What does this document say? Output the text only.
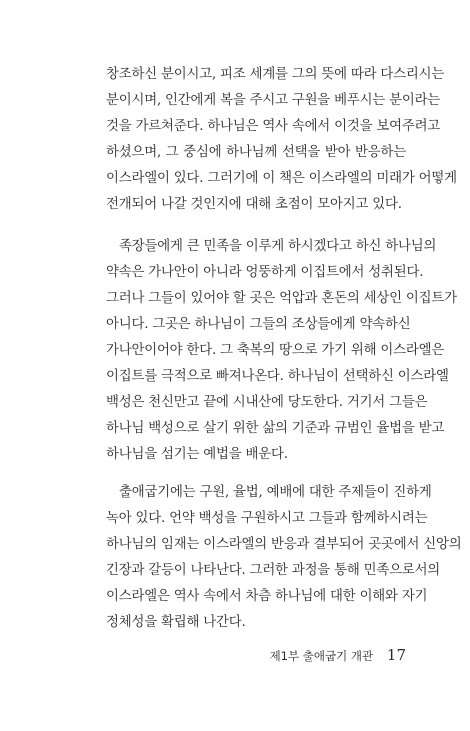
창조하신 분이시고, 피조 세계를 그의 뜻에 따라 다스리시는
분이시며, 인간에게 복을 주시고 구원을 베푸시는 분이라는
것을 가르쳐준다. 하나님은 역사 속에서 이것을 보여주려고
하셨으며, 그 중심에 하나님께 선택을 받아 반응하는
이스라엘이 있다. 그러기에 이 책은 이스라엘의 미래가 어떻게
전개되어 나갈 것인지에 대해 초점이 모아지고 있다.
족장들에게 큰 민족을 이루게 하시겠다고 하신 하나님의
약속은 가나안이 아니라 엉뚱하게 이집트에서 성취된다.
그러나 그들이 있어야 할 곳은 억압과 혼돈의 세상인 이집트가
아니다. 그곳은 하나님이 그들의 조상들에게 약속하신
가나안이어야 한다. 그 축복의 땅으로 가기 위해 이스라엘은
이집트를 극적으로 빠져나온다. 하나님이 선택하신 이스라엘
백성은 천신만고 끝에 시내산에 당도한다. 거기서 그들은
하나님 백성으로 살기 위한 삶의 기준과 규범인 율법을 받고
하나님을 섬기는 예법을 배운다.
출애굽기에는 구원, 율법, 예배에 대한 주제들이 진하게
녹아 있다. 언약 백성을 구원하시고 그들과 함께하시려는
하나님의 임재는 이스라엘의 반응과 결부되어 곳곳에서 신앙의
긴장과 갈등이 나타난다. 그러한 과정을 통해 민족으로서의
이스라엘은 역사 속에서 차츰 하나님에 대한 이해와 자기
정체성을 확립해 나간다.
제1부 출애굽기 개관 17
